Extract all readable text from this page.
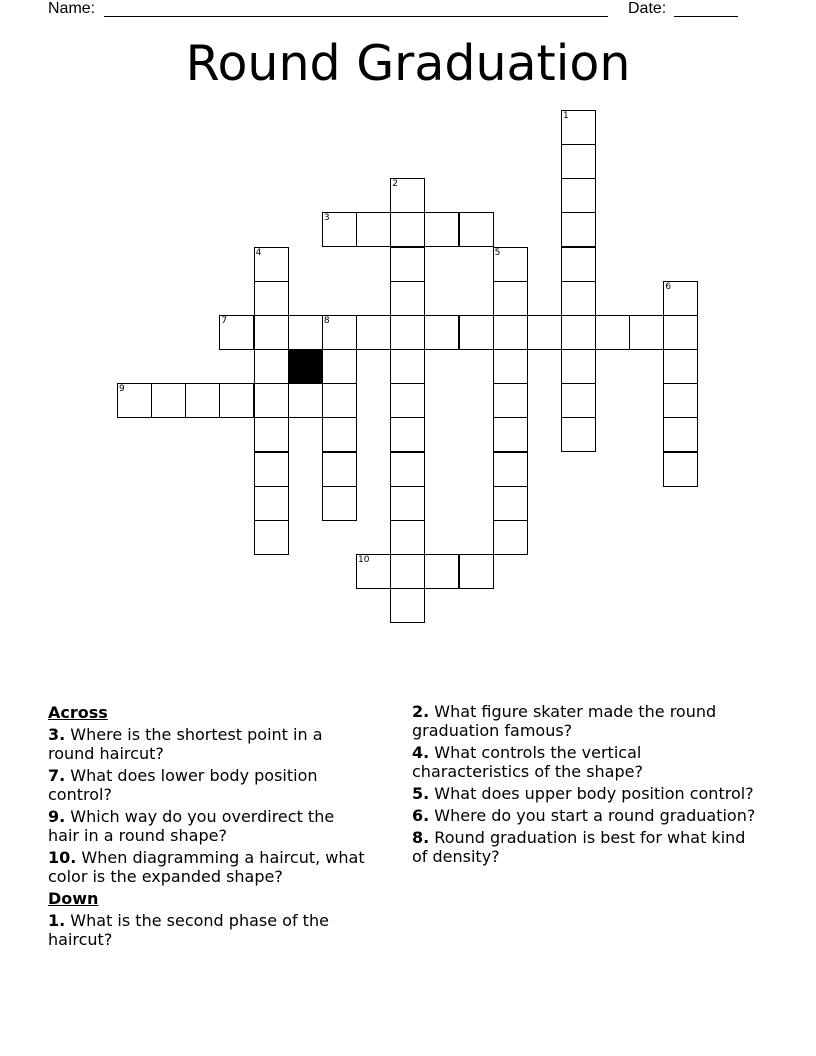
Name:	Date:
Round Graduation
1
2
3
4	5
6
7	8
9
10
Across
3. Where is the shortest point in a round haircut?
7. What does lower body position control?
9. Which way do you overdirect the hair in a round shape?
10. When diagramming a haircut, what color is the expanded shape?
Down
1. What is the second phase of the haircut?
2. What figure skater made the round graduation famous?
4. What controls the vertical characteristics of the shape?
5. What does upper body position control?
6. Where do you start a round graduation?
8. Round graduation is best for what kind of density?
